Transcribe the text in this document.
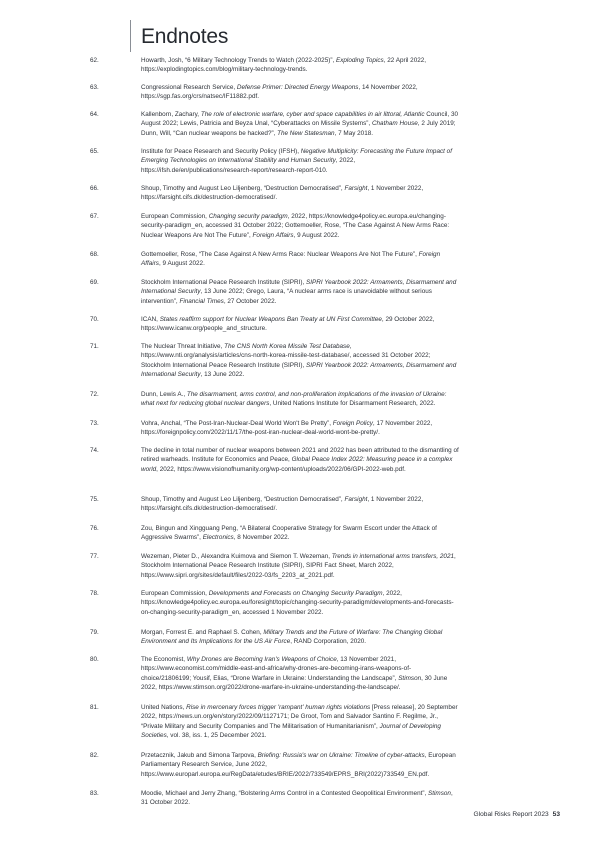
Endnotes
62.	Howarth, Josh, “6 Military Technology Trends to Watch (2022-2025)”, Exploding Topics, 22 April 2022, https://explodingtopics.com/blog/military-technology-trends.
63.	Congressional Research Service, Defense Primer: Directed Energy Weapons, 14 November 2022, https://sgp.fas.org/crs/natsec/IF11882.pdf.
64.	Kallenborn, Zachary, The role of electronic warfare, cyber and space capabilities in air littoral, Atlantic Council, 30 August 2022; Lewis, Patricia and Beyza Unal, “Cyberattacks on Missile Systems”, Chatham House, 2 July 2019; Dunn, Will, “Can nuclear weapons be hacked?”, The New Statesman, 7 May 2018.
65.	Institute for Peace Research and Security Policy (IFSH), Negative Multiplicity: Forecasting the Future Impact of Emerging Technologies on International Stability and Human Security, 2022, https://ifsh.de/en/publications/research-report/research-report-010.
66.	Shoup, Timothy and August Leo Liljenberg, “Destruction Democratised”, Farsight, 1 November 2022, https://farsight.cifs.dk/destruction-democratised/.
67.	European Commission, Changing security paradigm, 2022, https://knowledge4policy.ec.europa.eu/changing-security-paradigm_en, accessed 31 October 2022; Gottemoeller, Rose, “The Case Against A New Arms Race: Nuclear Weapons Are Not The Future”, Foreign Affairs, 9 August 2022.
68.	Gottemoeller, Rose, “The Case Against A New Arms Race: Nuclear Weapons Are Not The Future”, Foreign Affairs, 9 August 2022.
69.	Stockholm International Peace Research Institute (SIPRI), SIPRI Yearbook 2022: Armaments, Disarmament and International Security, 13 June 2022; Grego, Laura, “A nuclear arms race is unavoidable without serious intervention”, Financial Times, 27 October 2022.
70.	ICAN, States reaffirm support for Nuclear Weapons Ban Treaty at UN First Committee, 29 October 2022, https://www.icanw.org/people_and_structure.
71.	The Nuclear Threat Initiative, The CNS North Korea Missile Test Database, https://www.nti.org/analysis/articles/cns-north-korea-missile-test-database/, accessed 31 October 2022; Stockholm International Peace Research Institute (SIPRI), SIPRI Yearbook 2022: Armaments, Disarmament and International Security, 13 June 2022.
72.	Dunn, Lewis A., The disarmament, arms control, and non-proliferation implications of the invasion of Ukraine: what next for reducing global nuclear dangers, United Nations Institute for Disarmament Research, 2022.
73.	Vohra, Anchal, “The Post-Iran-Nuclear-Deal World Won't Be Pretty”, Foreign Policy, 17 November 2022, https://foreignpolicy.com/2022/11/17/the-post-iran-nuclear-deal-world-wont-be-pretty/.
74.	The decline in total number of nuclear weapons between 2021 and 2022 has been attributed to the dismantling of retired warheads. Institute for Economics and Peace, Global Peace Index 2022: Measuring peace in a complex world, 2022, https://www.visionofhumanity.org/wp-content/uploads/2022/06/GPI-2022-web.pdf.
75.	Shoup, Timothy and August Leo Liljenberg, “Destruction Democratised”, Farsight, 1 November 2022, https://farsight.cifs.dk/destruction-democratised/.
76.	Zou, Bingun and Xingguang Peng, “A Bilateral Cooperative Strategy for Swarm Escort under the Attack of Aggressive Swarms”, Electronics, 8 November 2022.
77.	Wezeman, Pieter D., Alexandra Kuimova and Siemon T. Wezeman, Trends in international arms transfers, 2021, Stockholm International Peace Research Institute (SIPRI), SIPRI Fact Sheet, March 2022, https://www.sipri.org/sites/default/files/2022-03/fs_2203_at_2021.pdf.
78.	European Commission, Developments and Forecasts on Changing Security Paradigm, 2022, https://knowledge4policy.ec.europa.eu/foresight/topic/changing-security-paradigm/developments-and-forecasts-on-changing-security-paradigm_en, accessed 1 November 2022.
79.	Morgan, Forrest E. and Raphael S. Cohen, Military Trends and the Future of Warfare: The Changing Global Environment and Its Implications for the US Air Force, RAND Corporation, 2020.
80.	The Economist, Why Drones are Becoming Iran's Weapons of Choice, 13 November 2021, https://www.economist.com/middle-east-and-africa/why-drones-are-becoming-irans-weapons-of-choice/21806199; Yousif, Elias, “Drone Warfare in Ukraine: Understanding the Landscape”, Stimson, 30 June 2022, https://www.stimson.org/2022/drone-warfare-in-ukraine-understanding-the-landscape/.
81.	United Nations, Rise in mercenary forces trigger 'rampant' human rights violations [Press release], 20 September 2022, https://news.un.org/en/story/2022/09/1127171; De Groot, Tom and Salvador Santino F. Regilme, Jr., “Private Military and Security Companies and The Militarisation of Humanitarianism”, Journal of Developing Societies, vol. 38, iss. 1, 25 December 2021.
82.	Przetacznik, Jakub and Simona Tarpova, Briefing: Russia's war on Ukraine: Timeline of cyber-attacks, European Parliamentary Research Service, June 2022, https://www.europarl.europa.eu/RegData/etudes/BRIE/2022/733549/EPRS_BRI(2022)733549_EN.pdf.
83.	Moodie, Michael and Jerry Zhang, “Bolstering Arms Control in a Contested Geopolitical Environment”, Stimson, 31 October 2022.
Global Risks Report 2023 53
